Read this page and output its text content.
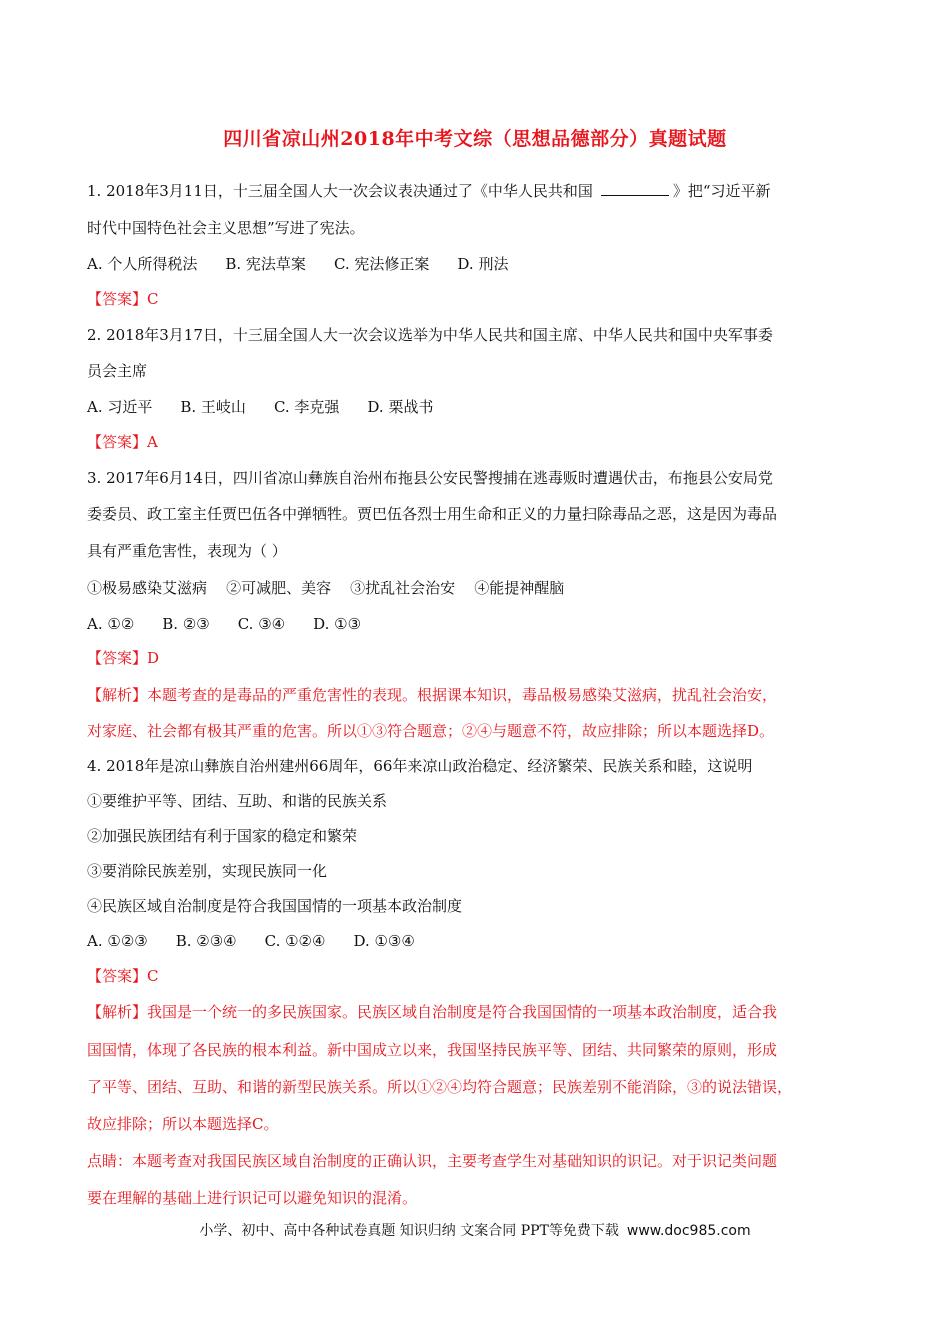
四川省凉山州2018年中考文综（思想品德部分）真题试题
1. 2018年3月11日，十三届全国人大一次会议表决通过了《中华人民共和国	》把“习近平新
时代中国特色社会主义思想”写进了宪法。
A. 个人所得税法 B. 宪法草案 C. 宪法修正案 D. 刑法
【答案】C
2. 2018年3月17日，十三届全国人大一次会议选举为中华人民共和国主席、中华人民共和国中央军事委
员会主席
A. 习近平 B. 王岐山 C. 李克强 D. 栗战书
【答案】A
3. 2017年6月14日，四川省凉山彝族自治州布拖县公安民警搜捕在逃毒贩时遭遇伏击，布拖县公安局党
委委员、政工室主任贾巴伍各中弹牺牲。贾巴伍各烈士用生命和正义的力量扫除毒品之恶，这是因为毒品
具有严重危害性，表现为（ ）
①极易感染艾滋病    ②可减肥、美容    ③扰乱社会治安    ④能提神醒脑
A. ①② B. ②③ C. ③④ D. ①③
【答案】D
【解析】本题考查的是毒品的严重危害性的表现。根据课本知识，毒品极易感染艾滋病，扰乱社会治安，
对家庭、社会都有极其严重的危害。所以①③符合题意；②④与题意不符，故应排除；所以本题选择D。
4. 2018年是凉山彝族自治州建州66周年，66年来凉山政治稳定、经济繁荣、民族关系和睦，这说明
①要维护平等、团结、互助、和谐的民族关系
②加强民族团结有利于国家的稳定和繁荣
③要消除民族差别，实现民族同一化
④民族区域自治制度是符合我国国情的一项基本政治制度
A. ①②③ B. ②③④ C. ①②④ D. ①③④
【答案】C
【解析】我国是一个统一的多民族国家。民族区域自治制度是符合我国国情的一项基本政治制度，适合我
国国情，体现了各民族的根本利益。新中国成立以来，我国坚持民族平等、团结、共同繁荣的原则，形成
了平等、团结、互助、和谐的新型民族关系。所以①②④均符合题意；民族差别不能消除，③的说法错误，
故应排除；所以本题选择C。
点睛：本题考查对我国民族区域自治制度的正确认识，主要考查学生对基础知识的识记。对于识记类问题
要在理解的基础上进行识记可以避免知识的混淆。
小学、初中、高中各种试卷真题 知识归纳 文案合同 PPT等免费下载 www.doc985.com
